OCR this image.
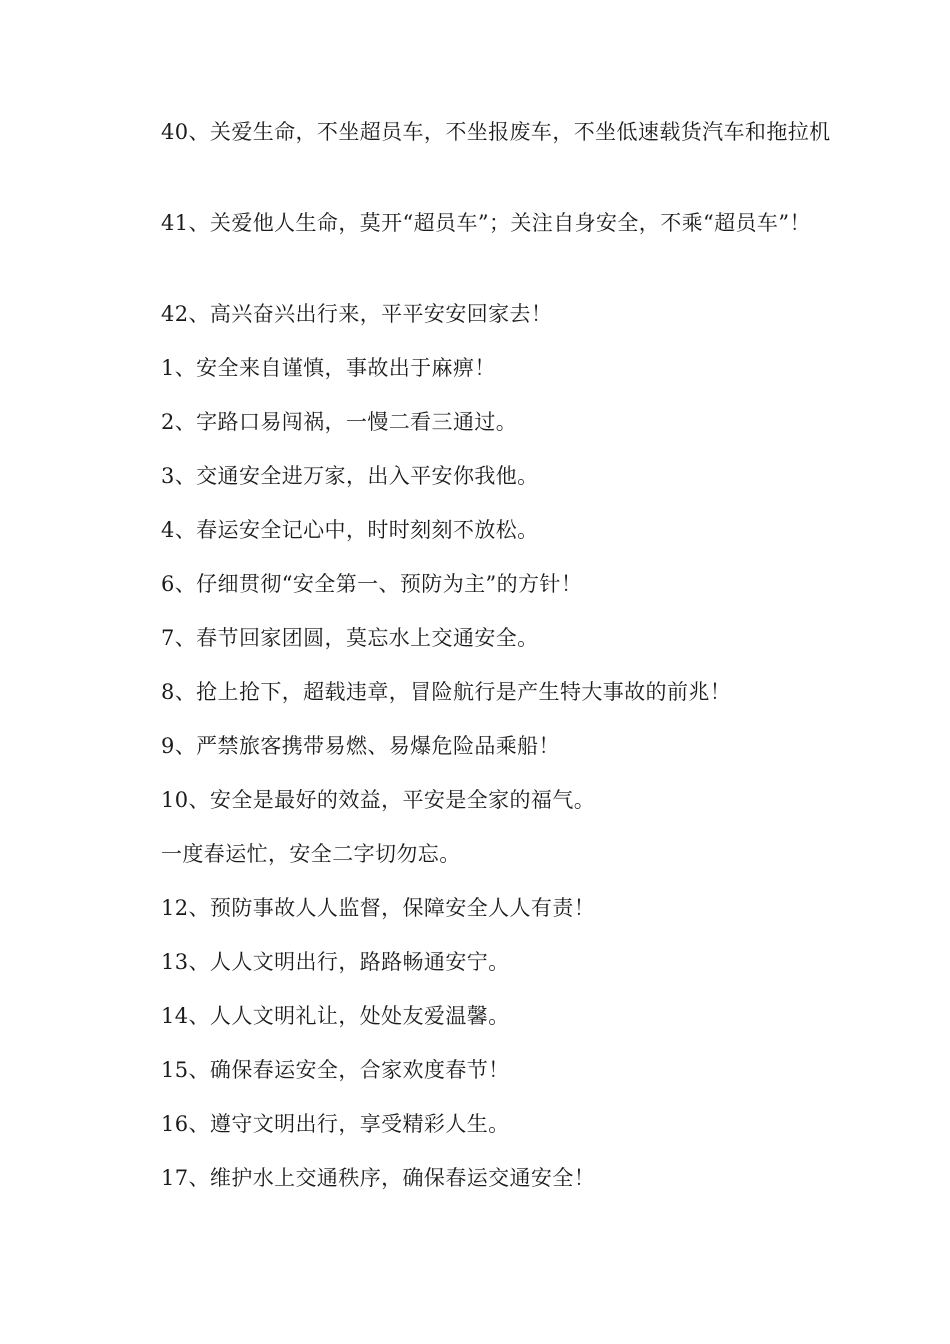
40、关爱生命，不坐超员车，不坐报废车，不坐低速载货汽车和拖拉机

41、关爱他人生命，莫开“超员车”；关注自身安全，不乘“超员车”！

42、高兴奋兴出行来，平平安安回家去！

1、安全来自谨慎，事故出于麻痹！

2、字路口易闯祸，一慢二看三通过。

3、交通安全进万家，出入平安你我他。

4、春运安全记心中，时时刻刻不放松。

6、仔细贯彻“安全第一、预防为主”的方针！

7、春节回家团圆，莫忘水上交通安全。

8、抢上抢下，超载违章，冒险航行是产生特大事故的前兆！

9、严禁旅客携带易燃、易爆危险品乘船！

10、安全是最好的效益，平安是全家的福气。

一度春运忙，安全二字切勿忘。

12、预防事故人人监督，保障安全人人有责！

13、人人文明出行，路路畅通安宁。

14、人人文明礼让，处处友爱温馨。

15、确保春运安全，合家欢度春节！

16、遵守文明出行，享受精彩人生。

17、维护水上交通秩序，确保春运交通安全！
